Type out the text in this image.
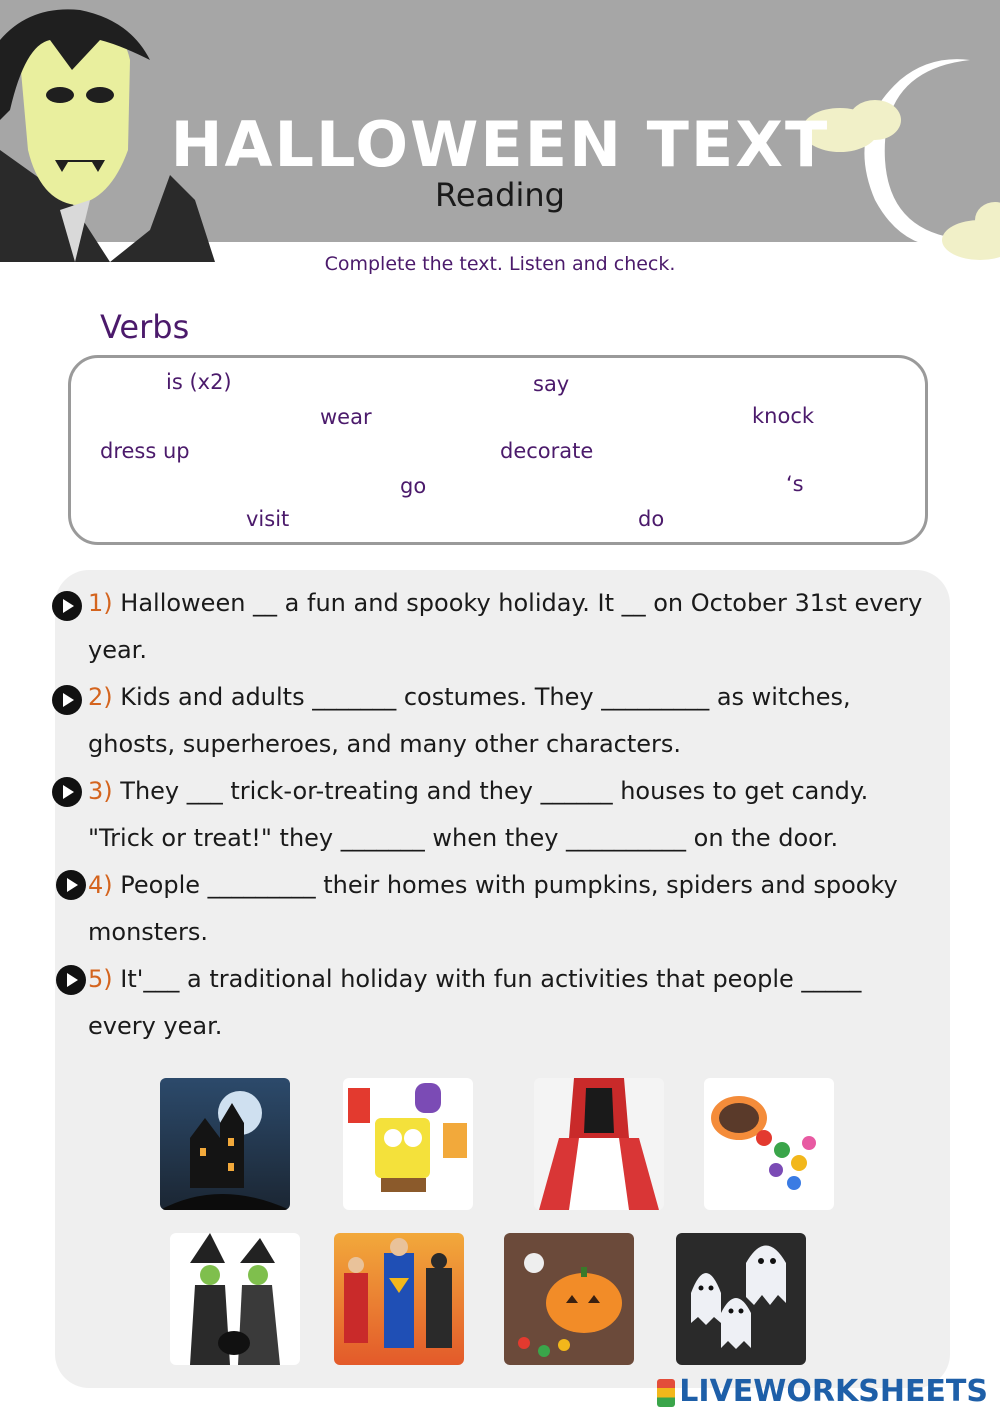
HALLOWEEN TEXT
Reading
Complete the text. Listen and check.
Verbs
is (x2)	say
wear	knock
dress up	decorate
go	‘s
visit	do
1) Halloween __ a fun and spooky holiday. It __ on October 31st every year.
2) Kids and adults _______ costumes. They _________ as witches, ghosts, superheroes, and many other characters.
3) They ___ trick-or-treating and they ______ houses to get candy. "Trick or treat!" they _______ when they __________ on the door.
4) People _________ their homes with pumpkins, spiders and spooky monsters.
5) It'___ a traditional holiday with fun activities that people _____ every year.
LIVEWORKSHEETS
